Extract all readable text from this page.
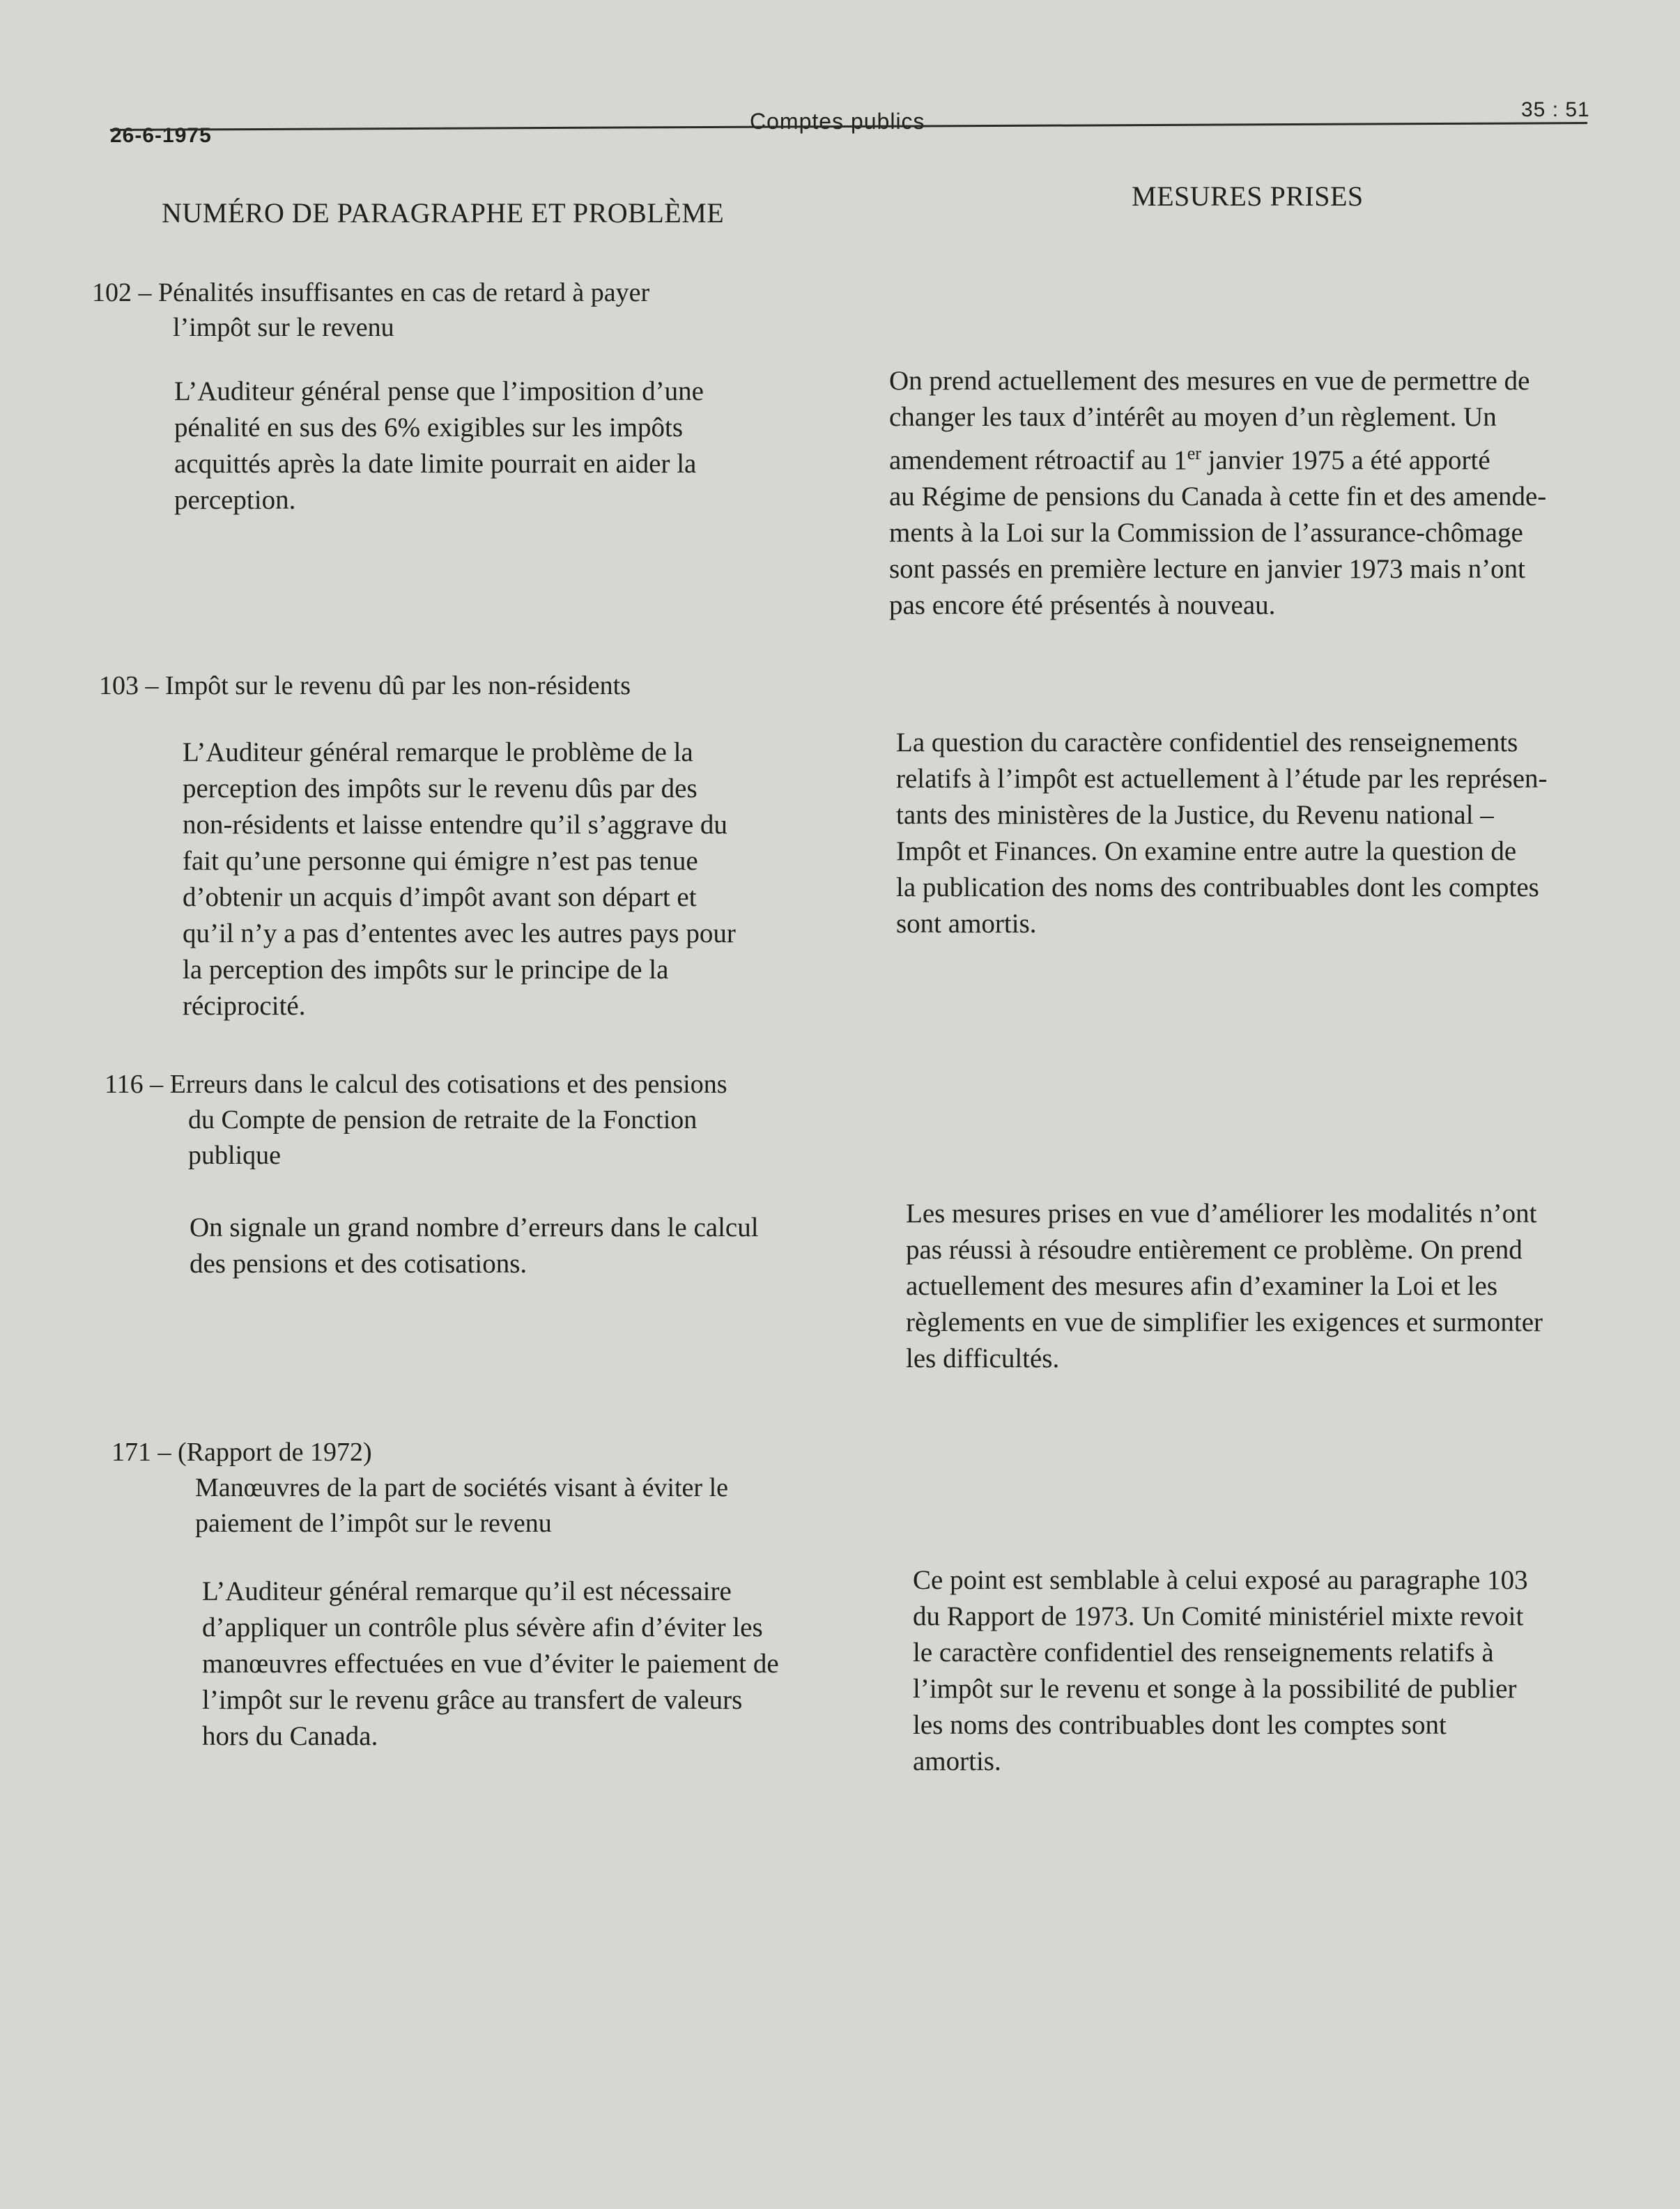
26-6-1975
Comptes publics	35 : 51
NUMÉRO DE PARAGRAPHE ET PROBLÈME
MESURES PRISES
102 – Pénalités insuffisantes en cas de retard à payer
l’impôt sur le revenu
L’Auditeur général pense que l’imposition d’une
pénalité en sus des 6% exigibles sur les impôts
acquittés après la date limite pourrait en aider la
perception.
On prend actuellement des mesures en vue de permettre de
changer les taux d’intérêt au moyen d’un règlement. Un
amendement rétroactif au 1er janvier 1975 a été apporté
au Régime de pensions du Canada à cette fin et des amende-
ments à la Loi sur la Commission de l’assurance-chômage
sont passés en première lecture en janvier 1973 mais n’ont
pas encore été présentés à nouveau.
103 – Impôt sur le revenu dû par les non-résidents
L’Auditeur général remarque le problème de la
perception des impôts sur le revenu dûs par des
non-résidents et laisse entendre qu’il s’aggrave du
fait qu’une personne qui émigre n’est pas tenue
d’obtenir un acquis d’impôt avant son départ et
qu’il n’y a pas d’ententes avec les autres pays pour
la perception des impôts sur le principe de la
réciprocité.
La question du caractère confidentiel des renseignements
relatifs à l’impôt est actuellement à l’étude par les représen-
tants des ministères de la Justice, du Revenu national –
Impôt et Finances. On examine entre autre la question de
la publication des noms des contribuables dont les comptes
sont amortis.
116 – Erreurs dans le calcul des cotisations et des pensions
du Compte de pension de retraite de la Fonction
publique
On signale un grand nombre d’erreurs dans le calcul
des pensions et des cotisations.
Les mesures prises en vue d’améliorer les modalités n’ont
pas réussi à résoudre entièrement ce problème. On prend
actuellement des mesures afin d’examiner la Loi et les
règlements en vue de simplifier les exigences et surmonter
les difficultés.
171 – (Rapport de 1972)
Manœuvres de la part de sociétés visant à éviter le
paiement de l’impôt sur le revenu
L’Auditeur général remarque qu’il est nécessaire
d’appliquer un contrôle plus sévère afin d’éviter les
manœuvres effectuées en vue d’éviter le paiement de
l’impôt sur le revenu grâce au transfert de valeurs
hors du Canada.
Ce point est semblable à celui exposé au paragraphe 103
du Rapport de 1973. Un Comité ministériel mixte revoit
le caractère confidentiel des renseignements relatifs à
l’impôt sur le revenu et songe à la possibilité de publier
les noms des contribuables dont les comptes sont
amortis.
